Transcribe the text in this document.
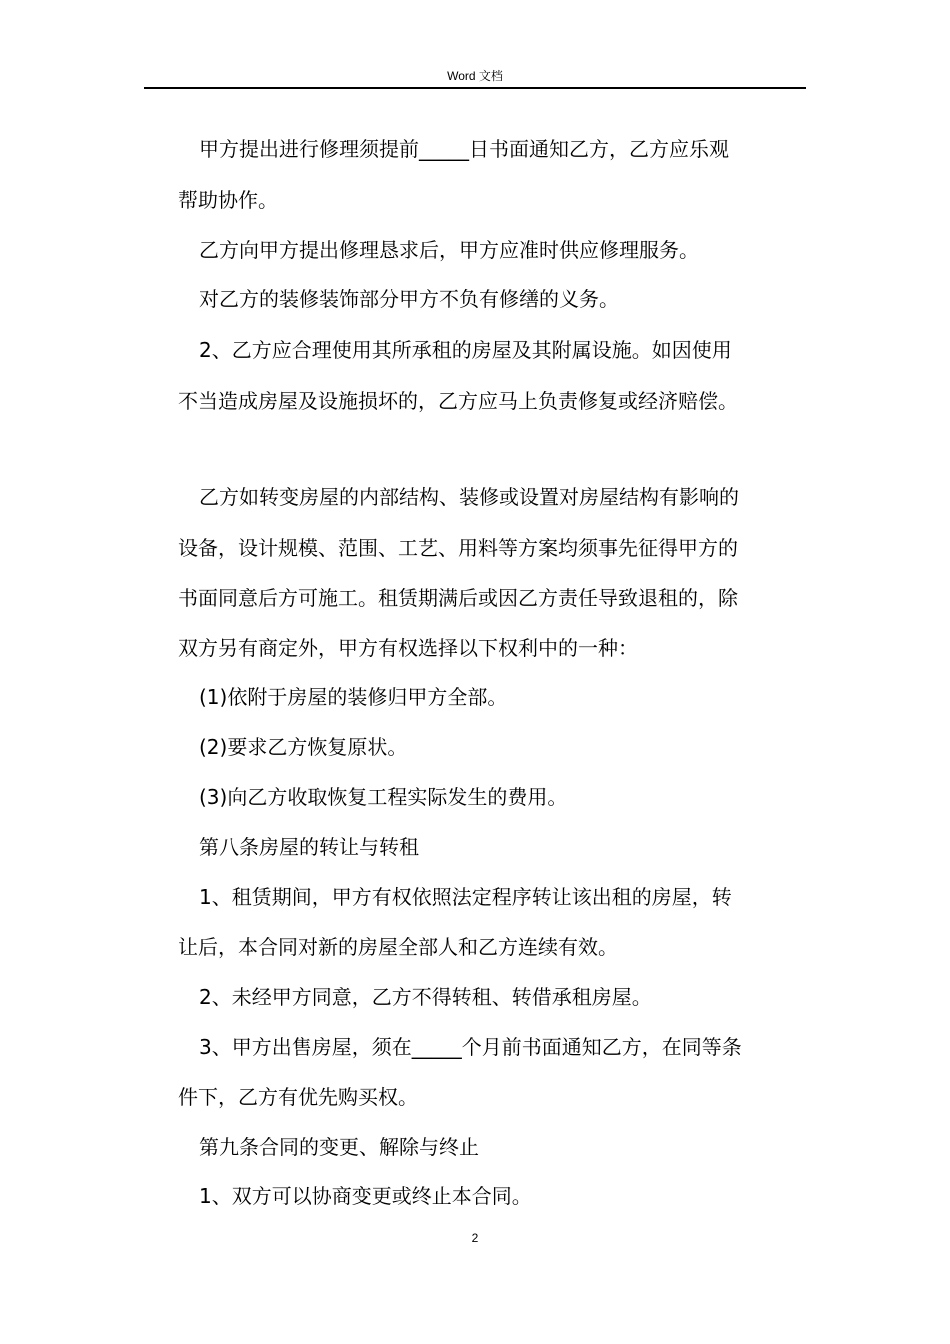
Word 文档
甲方提出进行修理须提前_____日书面通知乙方，乙方应乐观
帮助协作。
乙方向甲方提出修理恳求后，甲方应准时供应修理服务。
对乙方的装修装饰部分甲方不负有修缮的义务。
2、乙方应合理使用其所承租的房屋及其附属设施。如因使用
不当造成房屋及设施损坏的，乙方应马上负责修复或经济赔偿。
乙方如转变房屋的内部结构、装修或设置对房屋结构有影响的
设备，设计规模、范围、工艺、用料等方案均须事先征得甲方的
书面同意后方可施工。租赁期满后或因乙方责任导致退租的，除
双方另有商定外，甲方有权选择以下权利中的一种：
(1)依附于房屋的装修归甲方全部。
(2)要求乙方恢复原状。
(3)向乙方收取恢复工程实际发生的费用。
第八条房屋的转让与转租
1、租赁期间，甲方有权依照法定程序转让该出租的房屋，转
让后，本合同对新的房屋全部人和乙方连续有效。
2、未经甲方同意，乙方不得转租、转借承租房屋。
3、甲方出售房屋，须在_____个月前书面通知乙方，在同等条
件下，乙方有优先购买权。
第九条合同的变更、解除与终止
1、双方可以协商变更或终止本合同。
2
